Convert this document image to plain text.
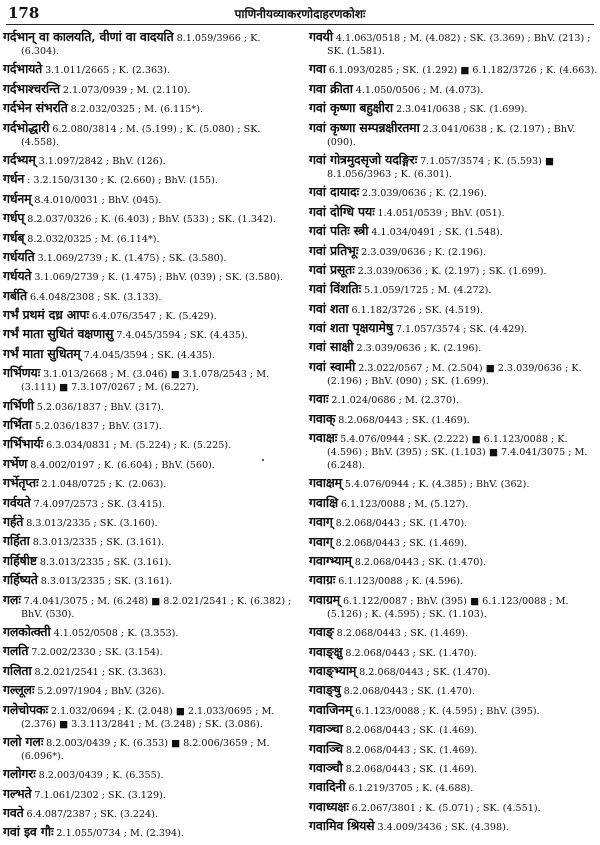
178	पाणिनीयव्याकरणोदाहरणकोशः
गर्दभान् वा कालयति, वीणां वा वादयति 8.1.059/3966 ; K. (6.304).
गर्दभायते 3.1.011/2665 ; K. (2.363).
गर्दभाश्चरन्ति 2.1.073/0939 ; M. (2.110).
गर्दभेन संभरति 8.2.032/0325 ; M. (6.115*).
गर्दभोद्धारी 6.2.080/3814 ; M. (5.199) ; K. (5.080) ; SK. (4.558).
गर्दभ्यम् 3.1.097/2842 ; BhV. (126).
गर्धन : 3.2.150/3130 ; K. (2.660) ; BhV. (155).
गर्धनम् 8.4.010/0031 ; BhV. (045).
गर्धप् 8.2.037/0326 ; K. (6.403) ; BhV. (533) ; SK. (1.342).
गर्धब् 8.2.032/0325 ; M. (6.114*).
गर्धयति 3.1.069/2739 ; K. (1.475) ; SK. (3.580).
गर्धयते 3.1.069/2739 ; K. (1.475) ; BhV. (039) ; SK. (3.580).
गर्बति 6.4.048/2308 ; SK. (3.133).
गर्भं प्रथमं दध्र आपः 6.4.076/3547 ; K. (5.429).
गर्भं माता सुधितं वक्षणासु 7.4.045/3594 ; SK. (4.435).
गर्भं माता सुधितम् 7.4.045/3594 ; SK. (4.435).
गर्भिणयः 3.1.013/2668 ; M. (3.046) ■ 3.1.078/2543 ; M. (3.111) ■ 7.3.107/0267 ; M. (6.227).
गर्भिणी 5.2.036/1837 ; BhV. (317).
गर्भिता 5.2.036/1837 ; BhV. (317).
गर्भिभार्यः 6.3.034/0831 ; M. (5.224) ; K. (5.225).
गर्भेण 8.4.002/0197 ; K. (6.604) ; BhV. (560).
गर्भेतृप्तः 2.1.048/0725 ; K. (2.063).
गर्वयते 7.4.097/2573 ; SK. (3.415).
गर्हते 8.3.013/2335 ; SK. (3.160).
गर्हिता 8.3.013/2335 ; SK. (3.161).
गर्हिषीष्ट 8.3.013/2335 ; SK. (3.161).
गर्हिष्यते 8.3.013/2335 ; SK. (3.161).
गलः 7.4.041/3075 ; M. (6.248) ■ 8.2.021/2541 ; K. (6.382) ; BhV. (530).
गलकोत्क्ती 4.1.052/0508 ; K. (3.353).
गलति 7.2.002/2330 ; SK. (3.154).
गलिता 8.2.021/2541 ; SK. (3.363).
गल्लूलः 5.2.097/1904 ; BhV. (326).
गलेचोपकः 2.1.032/0694 ; K. (2.048) ■ 2.1.033/0695 ; M. (2.376) ■ 3.3.113/2841 ; M. (3.248) ; SK. (3.086).
गलो गलः 8.2.003/0439 ; K. (6.353) ■ 8.2.006/3659 ; M. (6.096*).
गलोगरः 8.2.003/0439 ; K. (6.355).
गल्भते 7.1.061/2302 ; SK. (3.129).
गवते 6.4.087/2387 ; SK. (3.224).
गवां इव गौः 2.1.055/0734 ; M. (2.394).
गवयी 4.1.063/0518 ; M. (4.082) ; SK. (3.369) ; BhV. (213) ; SK. (1.581).
गवा 6.1.093/0285 ; SK. (1.292) ■ 6.1.182/3726 ; K. (4.663).
गवा क्रीता 4.1.050/0506 ; M. (4.073).
गवां कृष्णा बहुक्षीरा 2.3.041/0638 ; SK. (1.699).
गवां कृष्णा सम्पन्नक्षीरतमा 2.3.041/0638 ; K. (2.197) ; BhV. (090).
गवां गोत्रमुदसृजो यदङ्गिरः 7.1.057/3574 ; K. (5.593) ■ 8.1.056/3963 ; K. (6.301).
गवां दायादः 2.3.039/0636 ; K. (2.196).
गवां दोग्धि पयः 1.4.051/0539 ; BhV. (051).
गवां पतिः स्त्री 4.1.034/0491 ; SK. (1.548).
गवां प्रतिभूः 2.3.039/0636 ; K. (2.196).
गवां प्रसूतः 2.3.039/0636 ; K. (2.197) ; SK. (1.699).
गवां विंशतिः 5.1.059/1725 ; M. (4.272).
गवां शता 6.1.182/3726 ; SK. (4.519).
गवां शता पृक्षयामेषु 7.1.057/3574 ; SK. (4.429).
गवां साक्षी 2.3.039/0636 ; K. (2.196).
गवां स्वामी 2.3.022/0567 ; M. (2.504) ■ 2.3.039/0636 ; K. (2.196) ; BhV. (090) ; SK. (1.699).
गवाः 2.1.024/0686 ; M. (2.370).
गवाक् 8.2.068/0443 ; SK. (1.469).
गवाक्षः 5.4.076/0944 ; SK. (2.222) ■ 6.1.123/0088 ; K. (4.596) ; BhV. (395) ; SK. (1.103) ■ 7.4.041/3075 ; M. (6.248).
गवाक्षम् 5.4.076/0944 ; K. (4.385) ; BhV. (362).
गवाक्षि 6.1.123/0088 ; M. (5.127).
गवाग् 8.2.068/0443 ; SK. (1.470).
गवाग् 8.2.068/0443 ; SK. (1.469).
गवाग्भ्याम् 8.2.068/0443 ; SK. (1.470).
गवाग्रः 6.1.123/0088 ; K. (4.596).
गवाग्रम् 6.1.122/0087 ; BhV. (395) ■ 6.1.123/0088 ; M. (5.126) ; K. (4.595) ; SK. (1.103).
गवाङ् 8.2.068/0443 ; SK. (1.469).
गवाङ्क्षु 8.2.068/0443 ; SK. (1.470).
गवाङ्भ्याम् 8.2.068/0443 ; SK. (1.470).
गवाङ्षु 8.2.068/0443 ; SK. (1.470).
गवाजिनम् 6.1.123/0088 ; K. (4.595) ; BhV. (395).
गवाञ्चा 8.2.068/0443 ; SK. (1.469).
गवाञ्चि 8.2.068/0443 ; SK. (1.469).
गवाञ्चौ 8.2.068/0443 ; SK. (1.469).
गवादिनी 6.1.219/3705 ; K. (4.688).
गवाध्यक्षः 6.2.067/3801 ; K. (5.071) ; SK. (4.551).
गवामिव श्रियसे 3.4.009/3436 ; SK. (4.398).
